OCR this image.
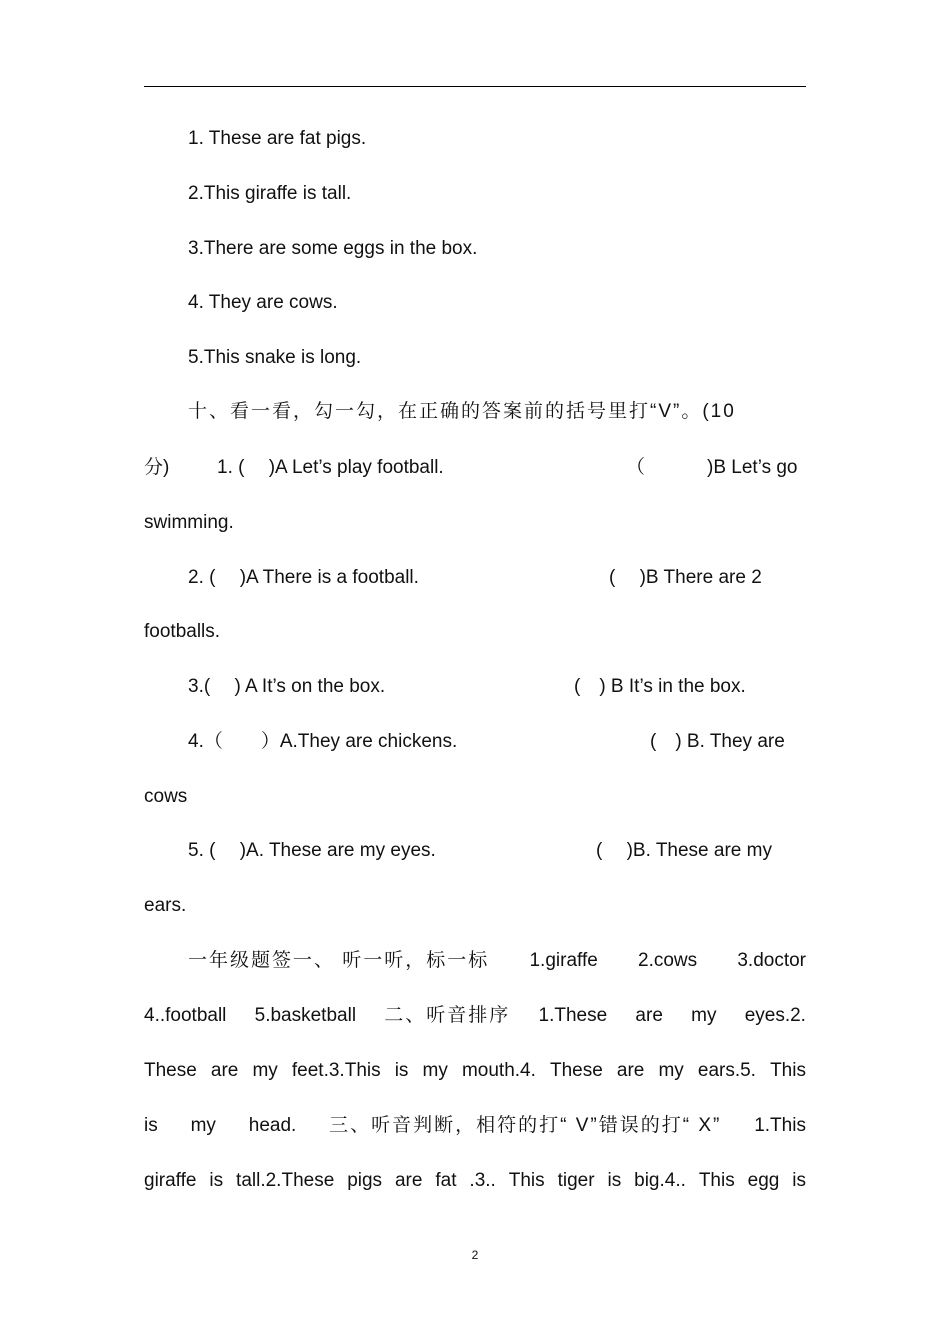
1. These are fat pigs.
2.This giraffe is tall.
3.There are some eggs in the box.
4. They are cows.
5.This snake is long.
十、看一看，勾一勾，在正确的答案前的括号里打“V”。(10
分)	1. (　 )A Let’s play football.	（	)B Let’s go
swimming.
2. (　 )A There is a football.	(　 )B There are 2
footballs.
3.(　 ) A It’s on the box.	(　) B It’s in the box.
4.（　　）A.They are chickens.	(　) B. They are
cows
5. (　 )A. These are my eyes.	(　 )B. These are my
ears.
一年级题签一、 听一听，标一标 1.giraffe 2.cows 3.doctor
4..football 5.basketball 二、听音排序 1.These are my eyes.2.
These are my feet.3.This is my mouth.4. These are my ears.5. This
is my head. 三、听音判断，相符的打“ V”错误的打“ X” 1.This
giraffe is tall.2.These pigs are fat .3.. This tiger is big.4.. This egg is
2
